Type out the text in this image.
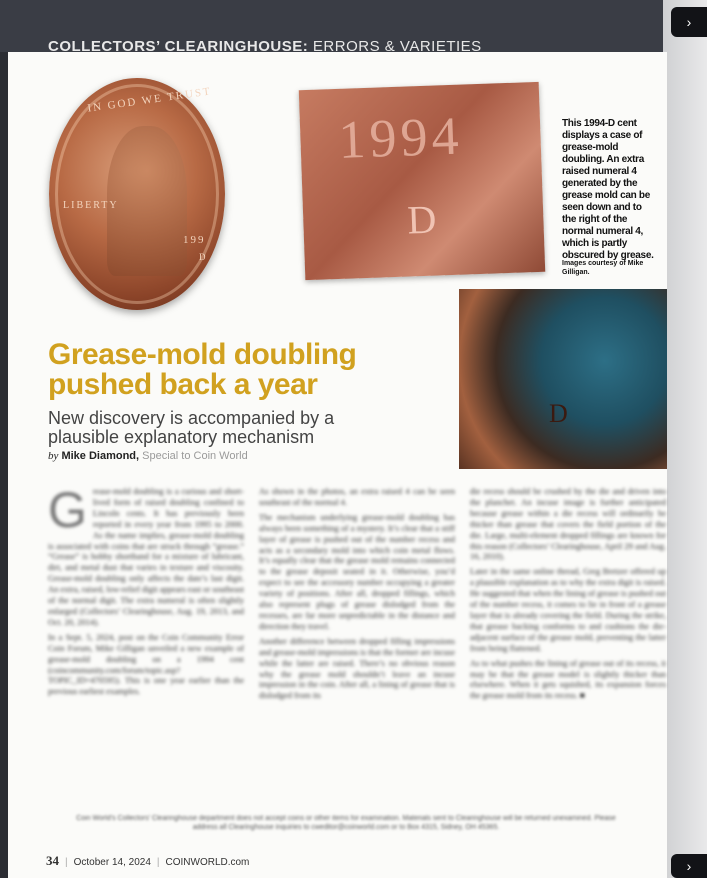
›
›
COLLECTORS’ CLEARINGHOUSE: ERRORS & VARIETIES
IN GOD WE TRUST
LIBERTY
199
D
1994
D
This 1994-D cent displays a case of grease-mold doubling. An extra raised numeral 4 generated by the grease mold can be seen down and to the right of the normal numeral 4, which is partly obscured by grease.
Images courtesy of Mike Gilligan.
D
Grease-mold doubling pushed back a year
New discovery is accompanied by a plausible explanatory mechanism
by Mike Diamond, Special to Coin World

Grease-mold doubling is a curious and short-lived form of raised doubling confined to Lincoln cents. It has previously been reported in every year from 1995 to 2000. As the name implies, grease-mold doubling is associated with coins that are struck through “grease.” “Grease” is hobby shorthand for a mixture of lubricant, dirt, and metal dust that varies in texture and viscosity. Grease-mold doubling only affects the date’s last digit. An extra, raised, low-relief digit appears east or southeast of the normal digit. The extra numeral is often slightly enlarged (Collectors’ Clearinghouse, Aug. 19, 2013, and Oct. 20, 2014).

In a Sept. 5, 2024, post on the Coin Community Error Coin Forum, Mike Gilligan unveiled a new example of grease-mold doubling on a 1994 cent (coincommunity.com/forum/topic.asp?TOPIC_ID=470595). This is one year earlier than the previous earliest examples.

As shown in the photos, an extra raised 4 can be seen southeast of the normal 4.

The mechanism underlying grease-mold doubling has always been something of a mystery. It’s clear that a stiff layer of grease is pushed out of the number recess and acts as a secondary mold into which coin metal flows. It’s equally clear that the grease mold remains connected to the grease deposit seated in it. Otherwise, you’d expect to see the accessory number occupying a greater variety of positions. After all, dropped fillings, which also represent plugs of grease dislodged from the recesses, are far more unpredictable in the distance and direction they travel.

Another difference between dropped filling impressions and grease-mold impressions is that the former are incuse while the latter are raised. There’s no obvious reason why the grease mold shouldn’t leave an incuse impression in the coin. After all, a lining of grease that is dislodged from its

die recess should be crushed by the die and driven into the planchet. An incuse image is further anticipated because grease within a die recess will ordinarily be thicker than grease that covers the field portion of the die. Large, multi-element dropped fillings are known for this reason (Collectors’ Clearinghouse, April 29 and Aug. 16, 2010).

Later in the same online thread, Greg Bretzer offered up a plausible explanation as to why the extra digit is raised. He suggested that when the lining of grease is pushed out of the number recess, it comes to lie in front of a grease layer that is already covering the field. During the strike, that grease backing conforms to and cushions the die-adjacent surface of the grease mold, preventing the latter from being flattened.

As to what pushes the lining of grease out of its recess, it may be that the grease model is slightly thicker than elsewhere. When it gets squished, its expansion forces the grease mold from its recess. ■

Coin World’s Collectors’ Clearinghouse department does not accept coins or other items for examination. Materials sent to Clearinghouse will be returned unexamined. Please address all Clearinghouse inquiries to cweditor@coinworld.com or to Box 4315, Sidney, OH 45365.
34 | October 14, 2024 | COINWORLD.com
